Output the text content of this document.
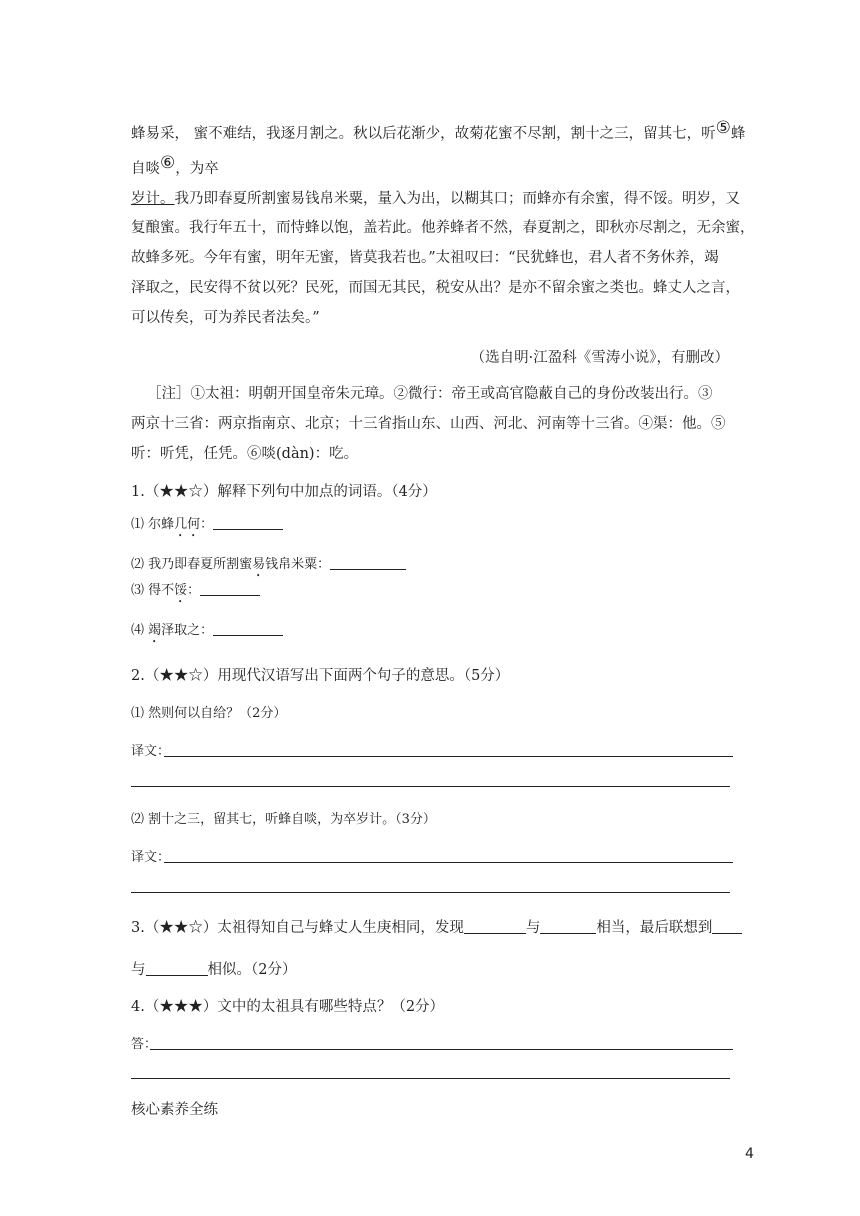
蜂易采， 蜜不难结，我逐月割之。秋以后花渐少，故菊花蜜不尽割，割十之三，留其七，听⑤蜂
自啖⑥，为卒
岁计。我乃即春夏所割蜜易钱帛米粟，量入为出，以糊其口；而蜂亦有余蜜，得不馁。明岁，又
复酿蜜。我行年五十，而恃蜂以饱，盖若此。他养蜂者不然，春夏割之，即秋亦尽割之，无余蜜，
故蜂多死。今年有蜜，明年无蜜，皆莫我若也。”太祖叹曰：“民犹蜂也，君人者不务休养，竭
泽取之，民安得不贫以死？民死，而国无其民，税安从出？是亦不留余蜜之类也。蜂丈人之言，
可以传矣，可为养民者法矣。”
（选自明·江盈科《雪涛小说》，有删改）
［注］①太祖：明朝开国皇帝朱元璋。②微行：帝王或高官隐蔽自己的身份改装出行。③
两京十三省：两京指南京、北京；十三省指山东、山西、河北、河南等十三省。④渠：他。⑤
听：听凭，任凭。⑥啖(dàn)：吃。
1.（★★☆）解释下列句中加点的词语。（4分）
⑴ 尔蜂几何：
⑵ 我乃即春夏所割蜜易钱帛米粟：
⑶ 得不馁：
⑷ 竭泽取之：
2.（★★☆）用现代汉语写出下面两个句子的意思。（5分）
⑴ 然则何以自给？（2分）
译文：
⑵ 割十之三，留其七，听蜂自啖，为卒岁计。（3分）
译文：
3.（★★☆）太祖得知自己与蜂丈人生庚相同，发现	与	相当，最后联想到
与	相似。（2分）
4.（★★★）文中的太祖具有哪些特点？（2分）
答：
核心素养全练
4
